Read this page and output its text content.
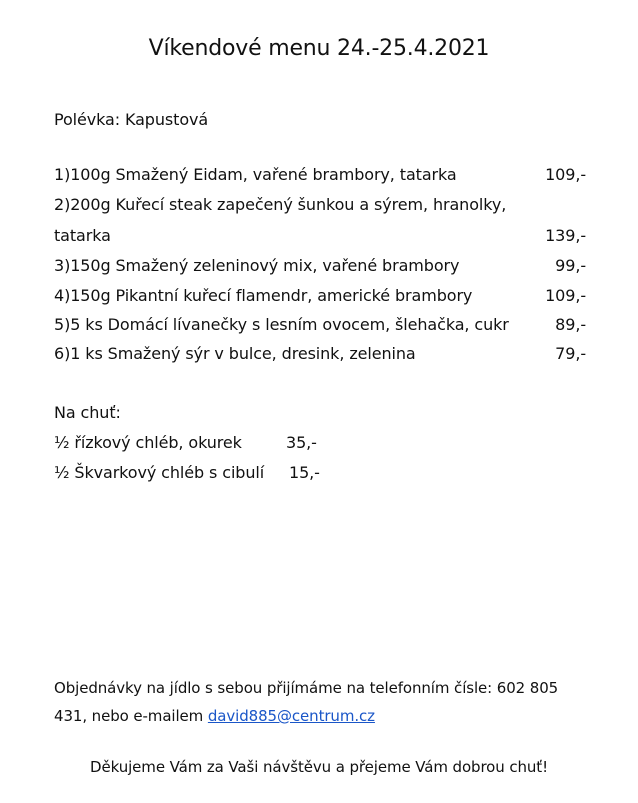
Víkendové menu 24.-25.4.2021
Polévka: Kapustová
1)100g Smažený Eidam, vařené brambory, tatarka	109,-
2)200g Kuřecí steak zapečený šunkou a sýrem, hranolky,
tatarka	139,-
3)150g Smažený zeleninový mix, vařené brambory	99,-
4)150g Pikantní kuřecí flamendr, americké brambory	109,-
5)5 ks Domácí lívanečky s lesním ovocem, šlehačka, cukr	89,-
6)1 ks Smažený sýr v bulce, dresink, zelenina	79,-
Na chuť:
½ řízkový chléb, okurek	35,-
½ Škvarkový chléb s cibulí 15,-
Objednávky na jídlo s sebou přijímáme na telefonním čísle: 602 805
431, nebo e-mailem david885@centrum.cz
Děkujeme Vám za Vaši návštěvu a přejeme Vám dobrou chuť!
